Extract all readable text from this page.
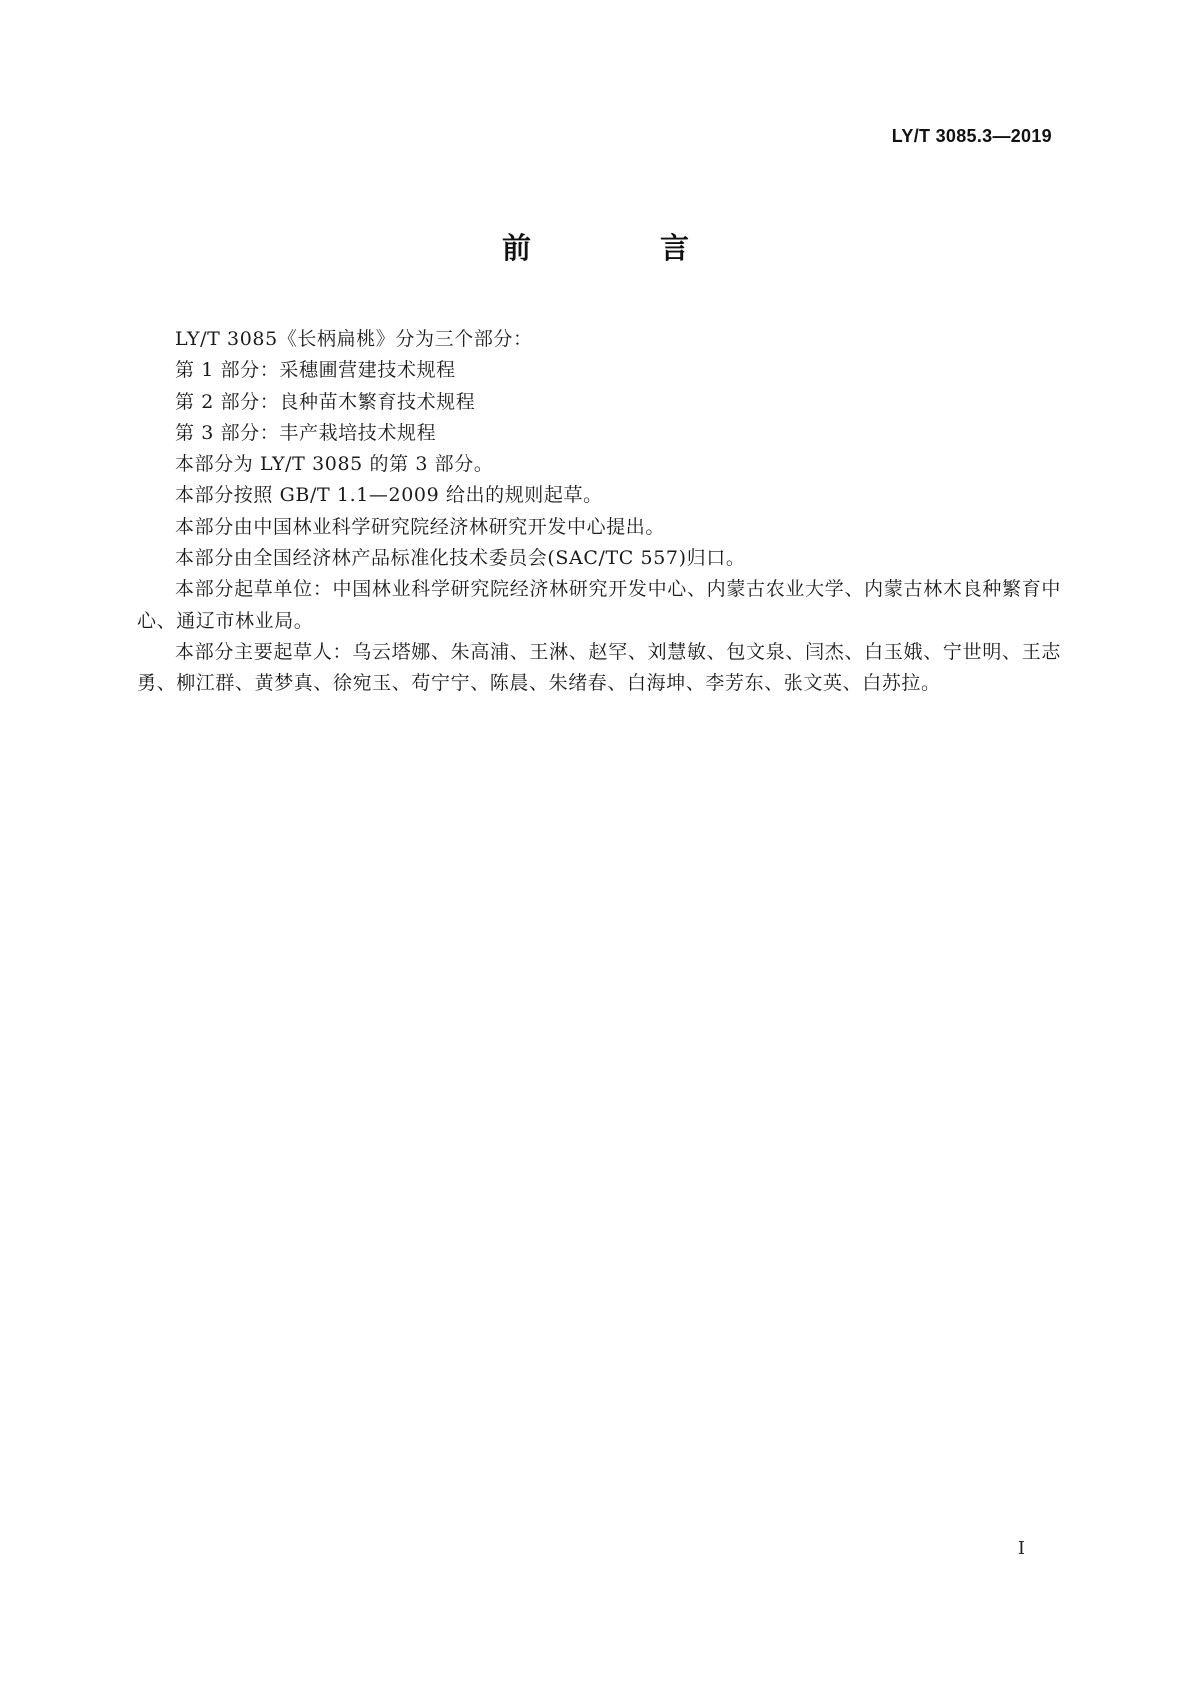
LY/T 3085.3—2019
前　言

LY/T 3085《长柄扁桃》分为三个部分：

第 1 部分：采穗圃营建技术规程

第 2 部分：良种苗木繁育技术规程

第 3 部分：丰产栽培技术规程

本部分为 LY/T 3085 的第 3 部分。

本部分按照 GB/T 1.1—2009 给出的规则起草。

本部分由中国林业科学研究院经济林研究开发中心提出。

本部分由全国经济林产品标准化技术委员会(SAC/TC 557)归口。

本部分起草单位：中国林业科学研究院经济林研究开发中心、内蒙古农业大学、内蒙古林木良种繁育中心、通辽市林业局。

本部分主要起草人：乌云塔娜、朱高浦、王淋、赵罕、刘慧敏、包文泉、闫杰、白玉娥、宁世明、王志勇、柳江群、黄梦真、徐宛玉、苟宁宁、陈晨、朱绪春、白海坤、李芳东、张文英、白苏拉。

I
